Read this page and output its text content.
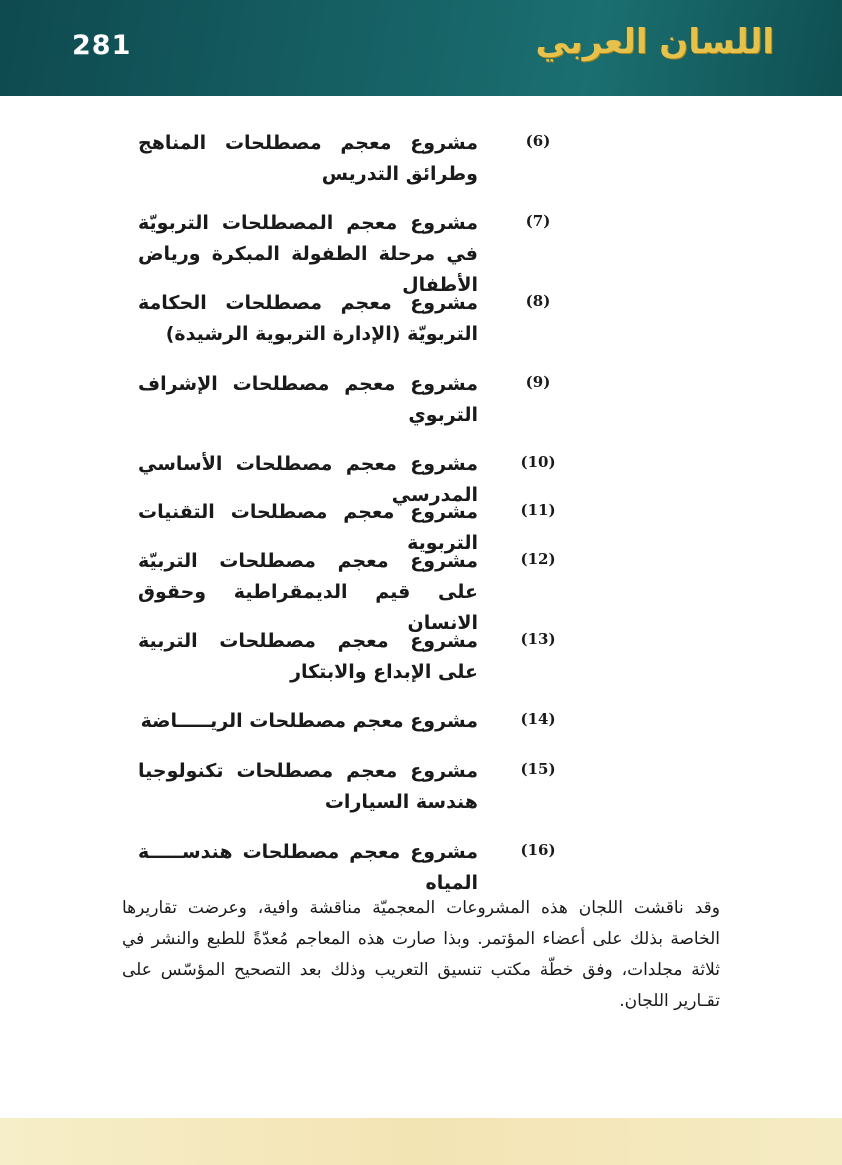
281	اللسان العربي
(6)
مشروع معجم مصطلحات المناهج وطرائق التدريس
(7)
مشروع معجم المصطلحات التربويّة في مرحلة الطفولة المبكرة ورياض الأطفال
(8)
مشروع معجم مصطلحات الحكامة التربويّة (الإدارة التربوية الرشيدة)
(9)
مشروع معجم مصطلحات الإشراف التربوي
(10)
مشروع معجم مصطلحات الأساسي المدرسي
(11)
مشروع معجم مصطلحات التقنيات التربوية
(12)
مشروع معجم مصطلحات التربيّة على قيم الديمقراطية وحقوق الانسان
(13)
مشروع معجم مصطلحات التربية على الإبداع والابتكار
(14)
مشروع معجم مصطلحات الريـــــاضة
(15)
مشروع معجم مصطلحات تكنولوجيا هندسة السيارات
(16)
مشروع معجم مصطلحات هندســـــة المياه
وقد ناقشت اللجان هذه المشروعات المعجميّة مناقشة وافية، وعرضت تقاريرها الخاصة بذلك على أعضاء المؤتمر. وبذا صارت هذه المعاجم مُعدّةً للطبع والنشر في ثلاثة مجلدات، وفق خطّة مكتب تنسيق التعريب وذلك بعد التصحيح المؤسّس على تقـارير اللجان.
